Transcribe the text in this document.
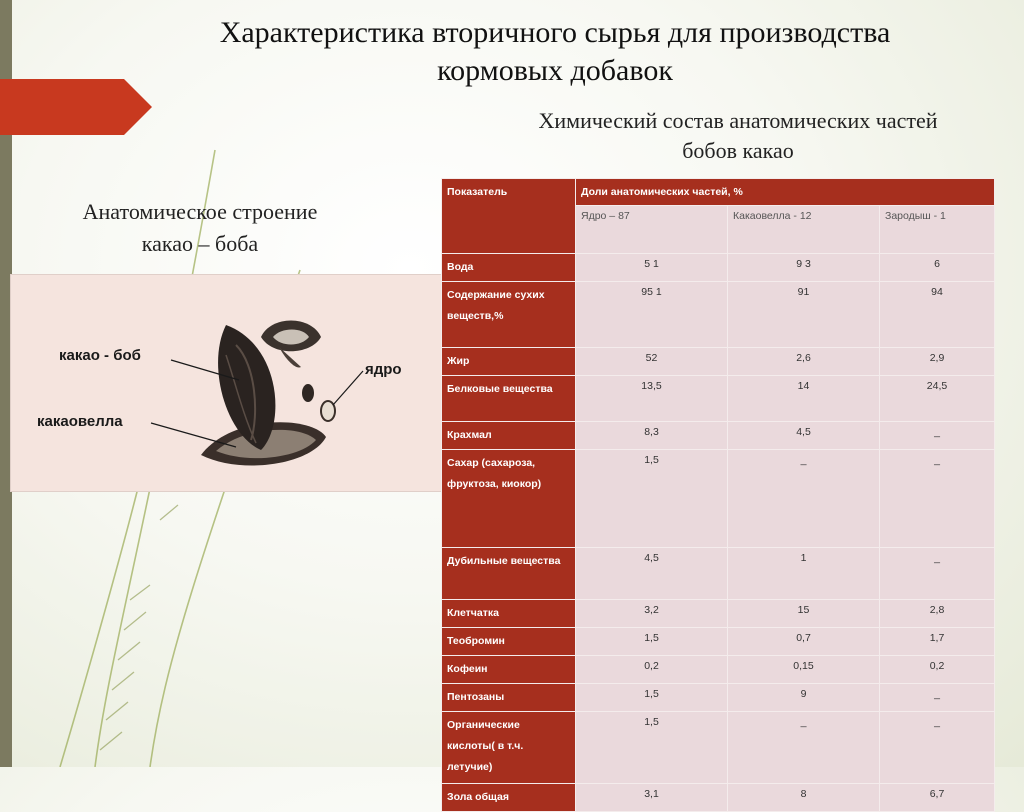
Характеристика вторичного сырья для производства
кормовых добавок
Химический состав анатомических частей
бобов какао
Анатомическое строение
какао – боба
какао - боб
ядро
какаовелла
Показатель	Доли анатомических частей, %		
	Ядро – 87	Какаовелла - 12	Зародыш - 1
Вода	5 1	9 3	6
Содержание сухих веществ,%	95 1	91	94
Жир	52	2,6	2,9
Белковые вещества	13,5	14	24,5
Крахмал	8,3	4,5	_
Сахар (сахароза, фруктоза, киокор)	1,5	_	_
Дубильные вещества	4,5	1	_
Клетчатка	3,2	15	2,8
Теобромин	1,5	0,7	1,7
Кофеин	0,2	0,15	0,2
Пентозаны	1,5	9	_
Органические кислоты( в т.ч. летучие)	1,5	_	_
Зола общая	3,1	8	6,7
